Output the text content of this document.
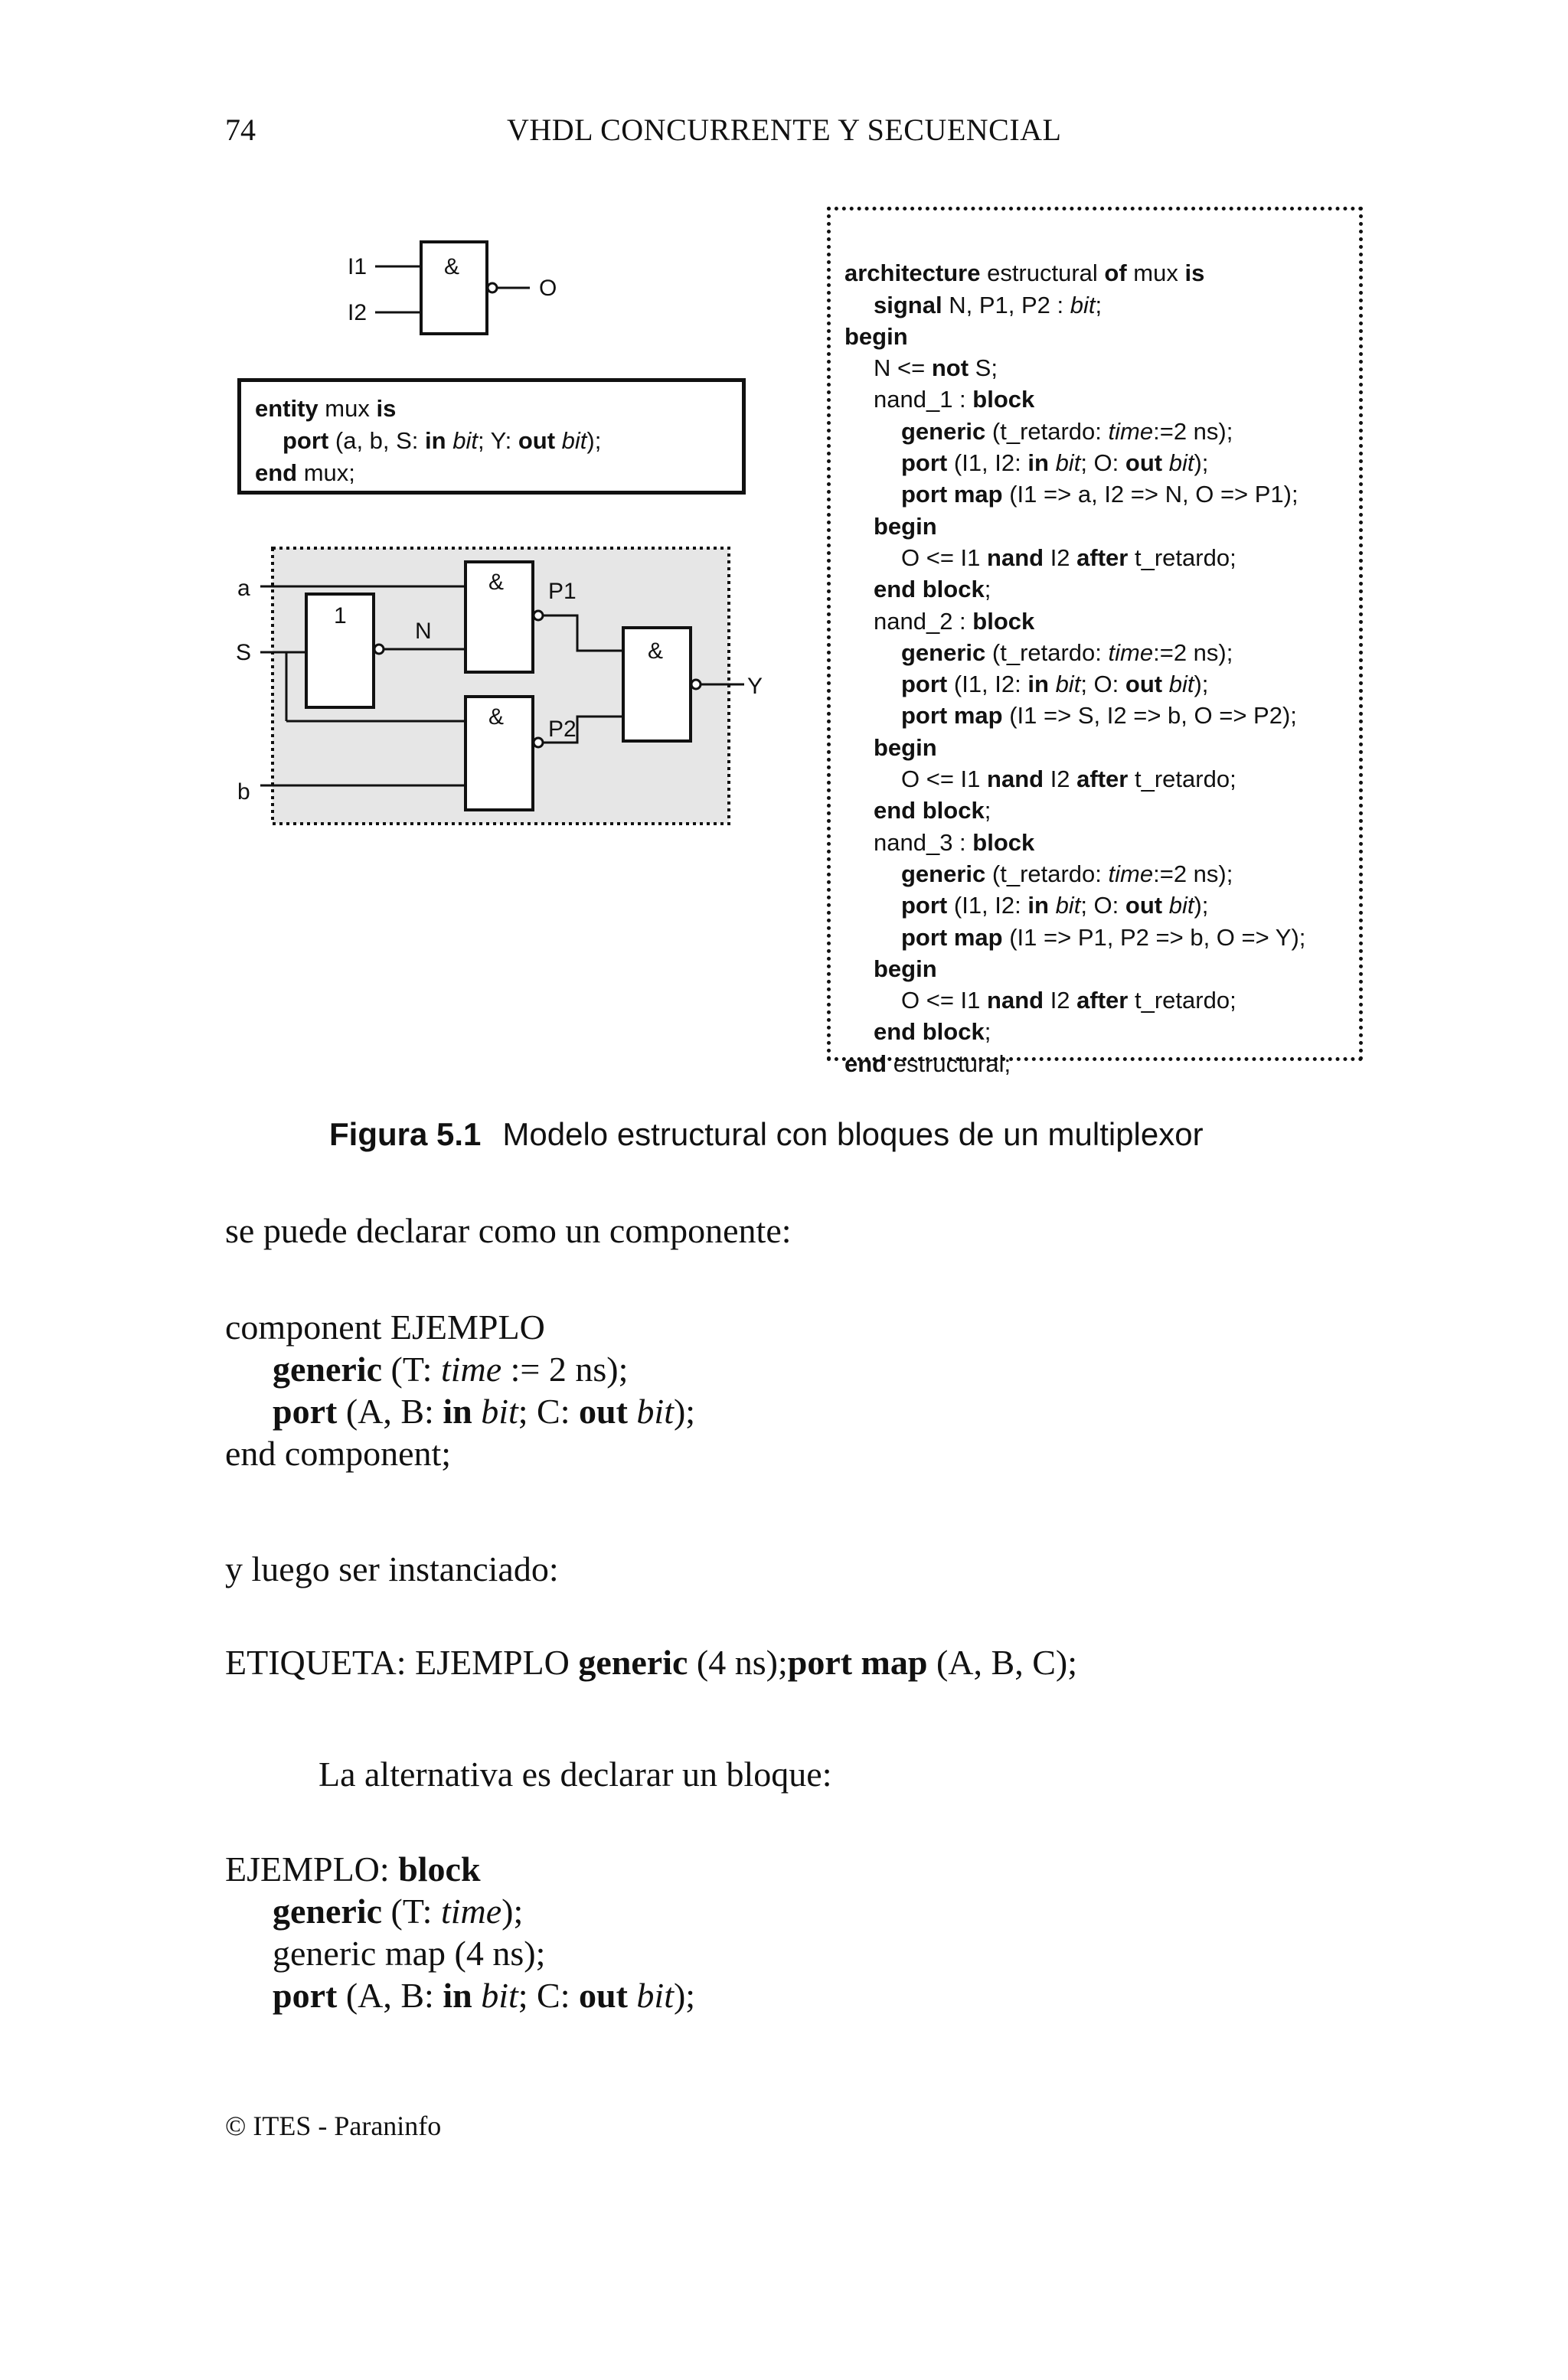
74	VHDL CONCURRENTE Y SECUENCIAL
I1
I2
&
O
entity mux is
port (a, b, S: in bit; Y: out bit);
end mux;
a
S
b
1
N
& P1
& P2
&
Y

architecture estructural of mux is
signal N, P1, P2 : bit;
begin
N <= not S;
nand_1 : block
generic (t_retardo: time:=2 ns);
port (I1, I2: in bit; O: out bit);
port map (I1 => a, I2 => N, O => P1);
begin
O <= I1 nand I2 after t_retardo;
end block;
nand_2 : block
generic (t_retardo: time:=2 ns);
port (I1, I2: in bit; O: out bit);
port map (I1 => S, I2 => b, O => P2);
begin
O <= I1 nand I2 after t_retardo;
end block;
nand_3 : block
generic (t_retardo: time:=2 ns);
port (I1, I2: in bit; O: out bit);
port map (I1 => P1, P2 => b, O => Y);
begin
O <= I1 nand I2 after t_retardo;
end block;
end estructural;

Figura 5.1 Modelo estructural con bloques de un multiplexor
se puede declarar como un componente:
component EJEMPLO
generic (T: time := 2 ns);
port (A, B: in bit; C: out bit);
end component;
y luego ser instanciado:
ETIQUETA: EJEMPLO generic (4 ns);port map (A, B, C);
La alternativa es declarar un bloque:
EJEMPLO: block
generic (T: time);
generic map (4 ns);
port (A, B: in bit; C: out bit);
© ITES - Paraninfo
